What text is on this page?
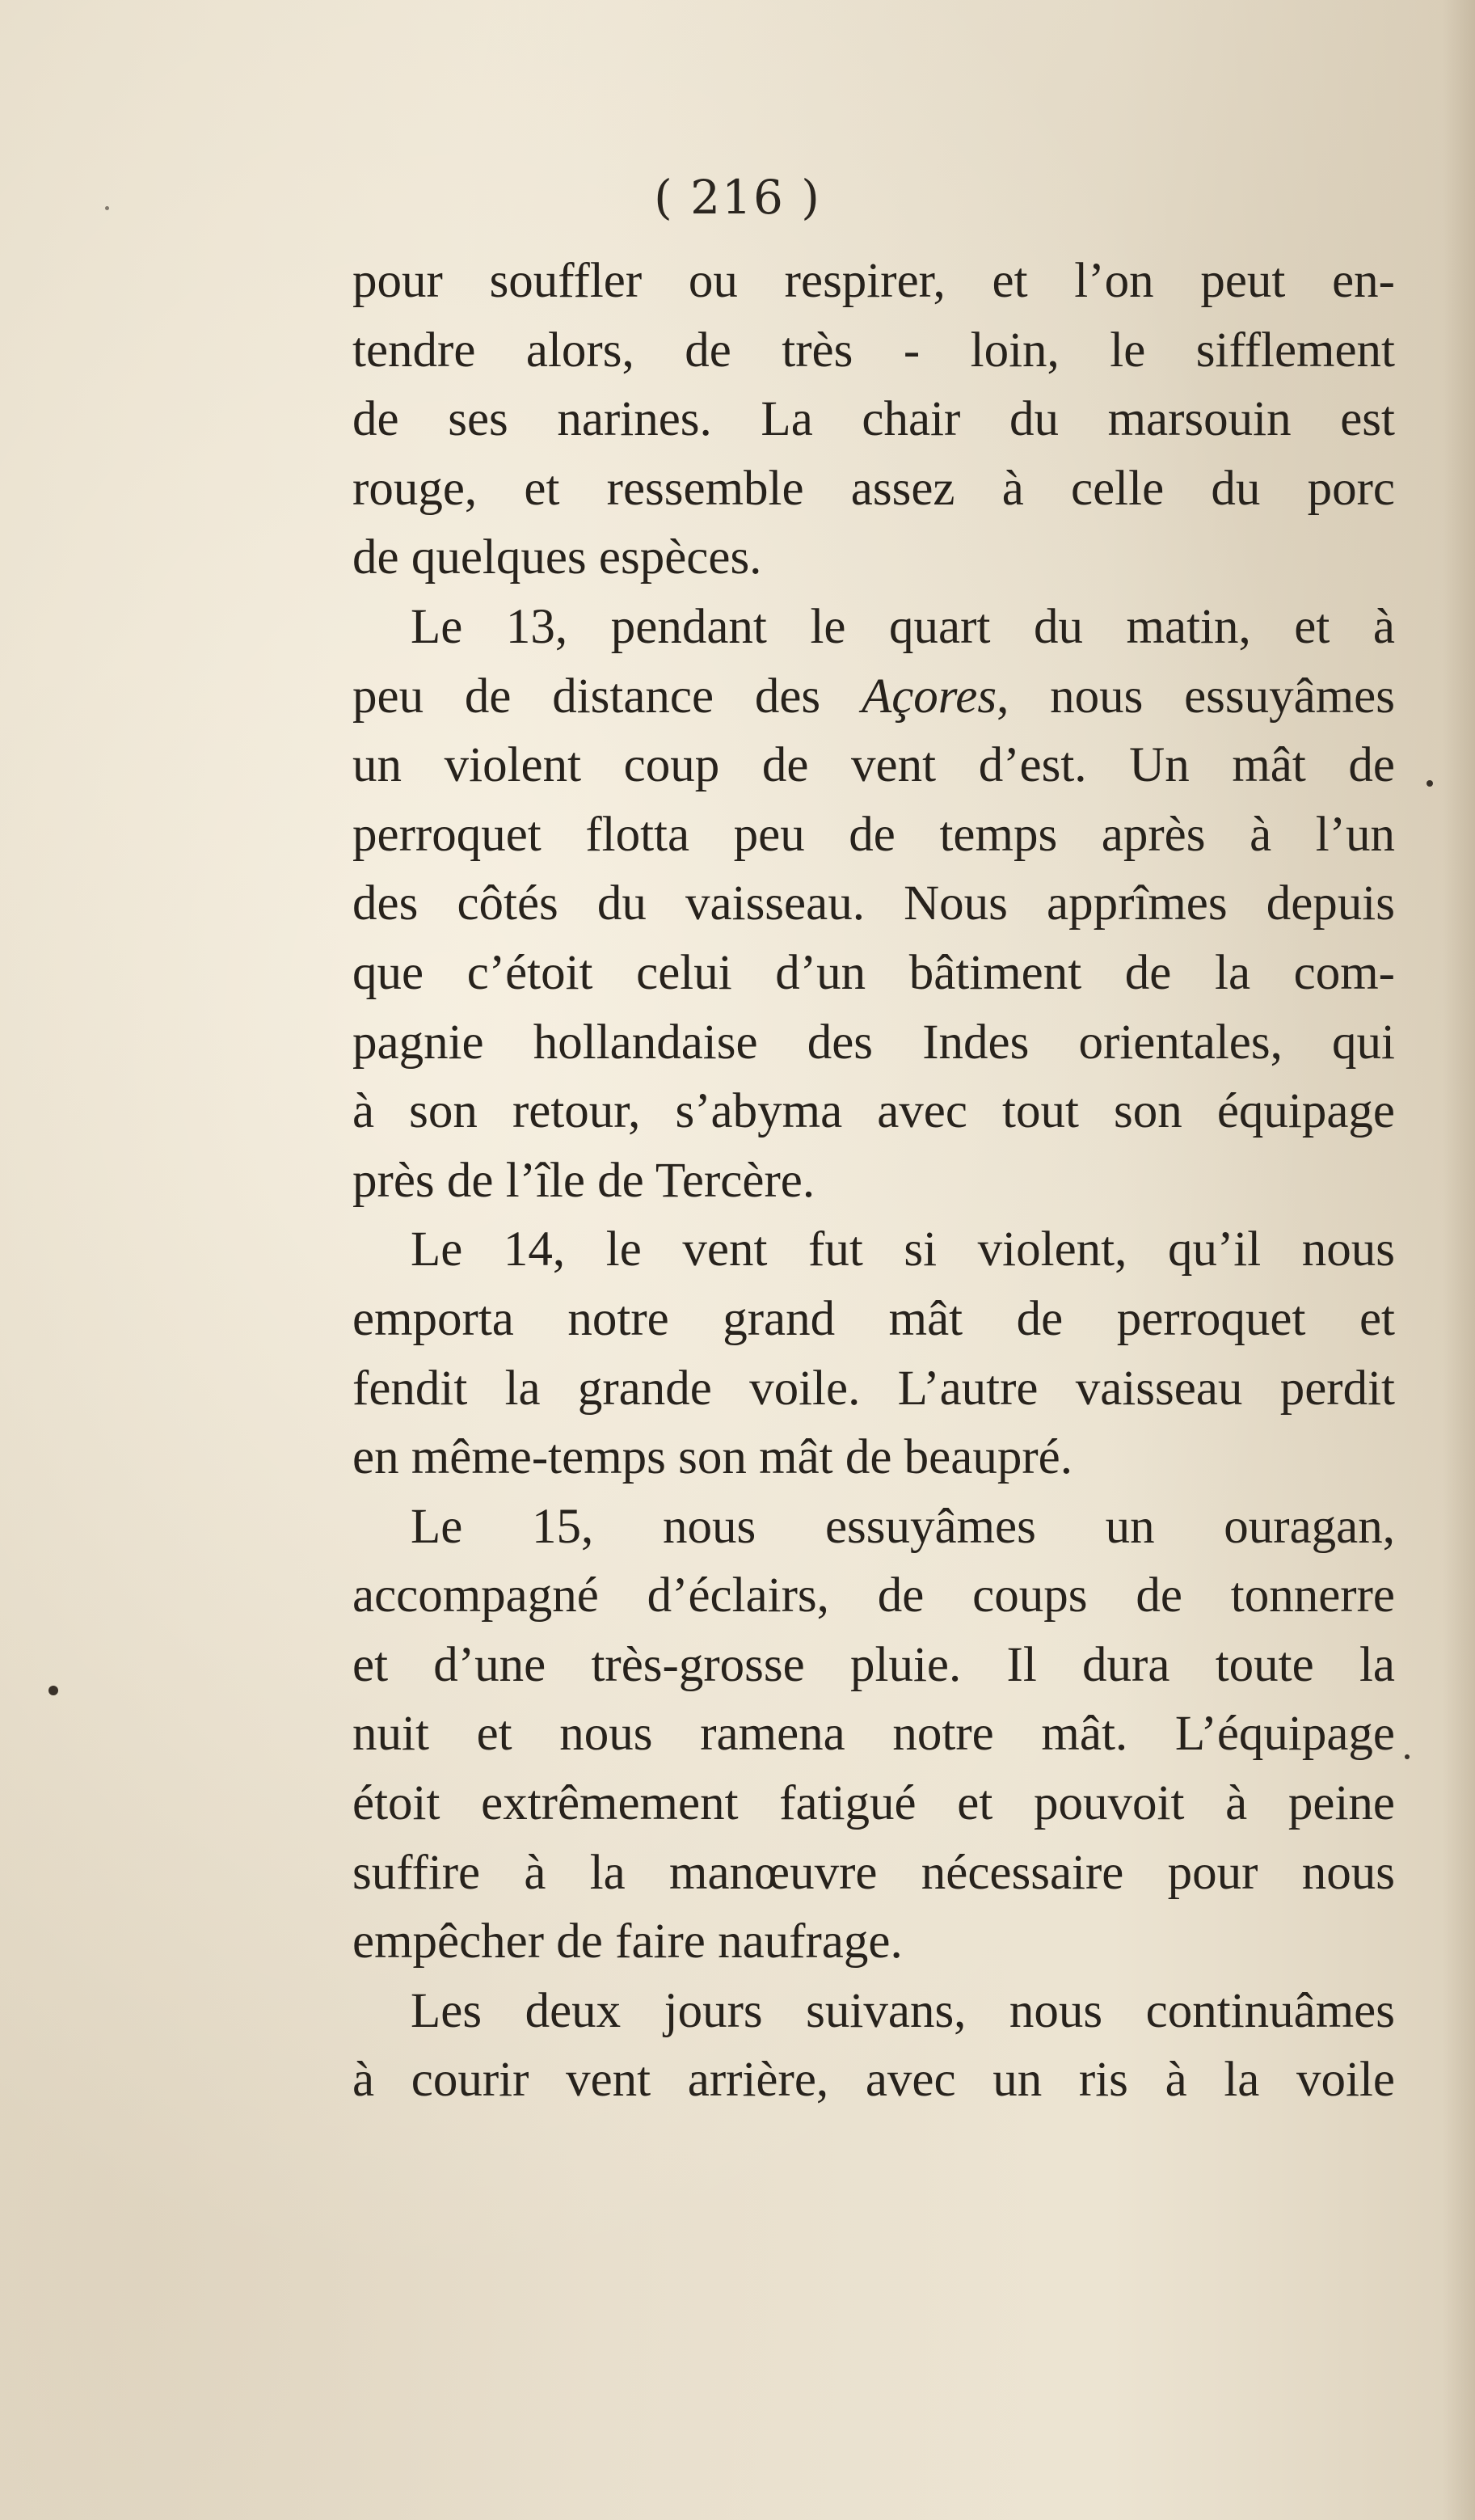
( 216 )
pour souffler ou respirer, et l’on peut en-
tendre alors, de très - loin, le sifflement
de ses narines. La chair du marsouin est
rouge, et ressemble assez à celle du porc
de quelques espèces.
Le 13, pendant le quart du matin, et à
peu de distance des Açores, nous essuyâmes
un violent coup de vent d’est. Un mât de
perroquet flotta peu de temps après à l’un
des côtés du vaisseau. Nous apprîmes depuis
que c’étoit celui d’un bâtiment de la com-
pagnie hollandaise des Indes orientales, qui
à son retour, s’abyma avec tout son équipage
près de l’île de Tercère.
Le 14, le vent fut si violent, qu’il nous
emporta notre grand mât de perroquet et
fendit la grande voile. L’autre vaisseau perdit
en même-temps son mât de beaupré.
Le 15, nous essuyâmes un ouragan,
accompagné d’éclairs, de coups de tonnerre
et d’une très-grosse pluie. Il dura toute la
nuit et nous ramena notre mât. L’équipage
étoit extrêmement fatigué et pouvoit à peine
suffire à la manœuvre nécessaire pour nous
empêcher de faire naufrage.
Les deux jours suivans, nous continuâmes
à courir vent arrière, avec un ris à la voile
